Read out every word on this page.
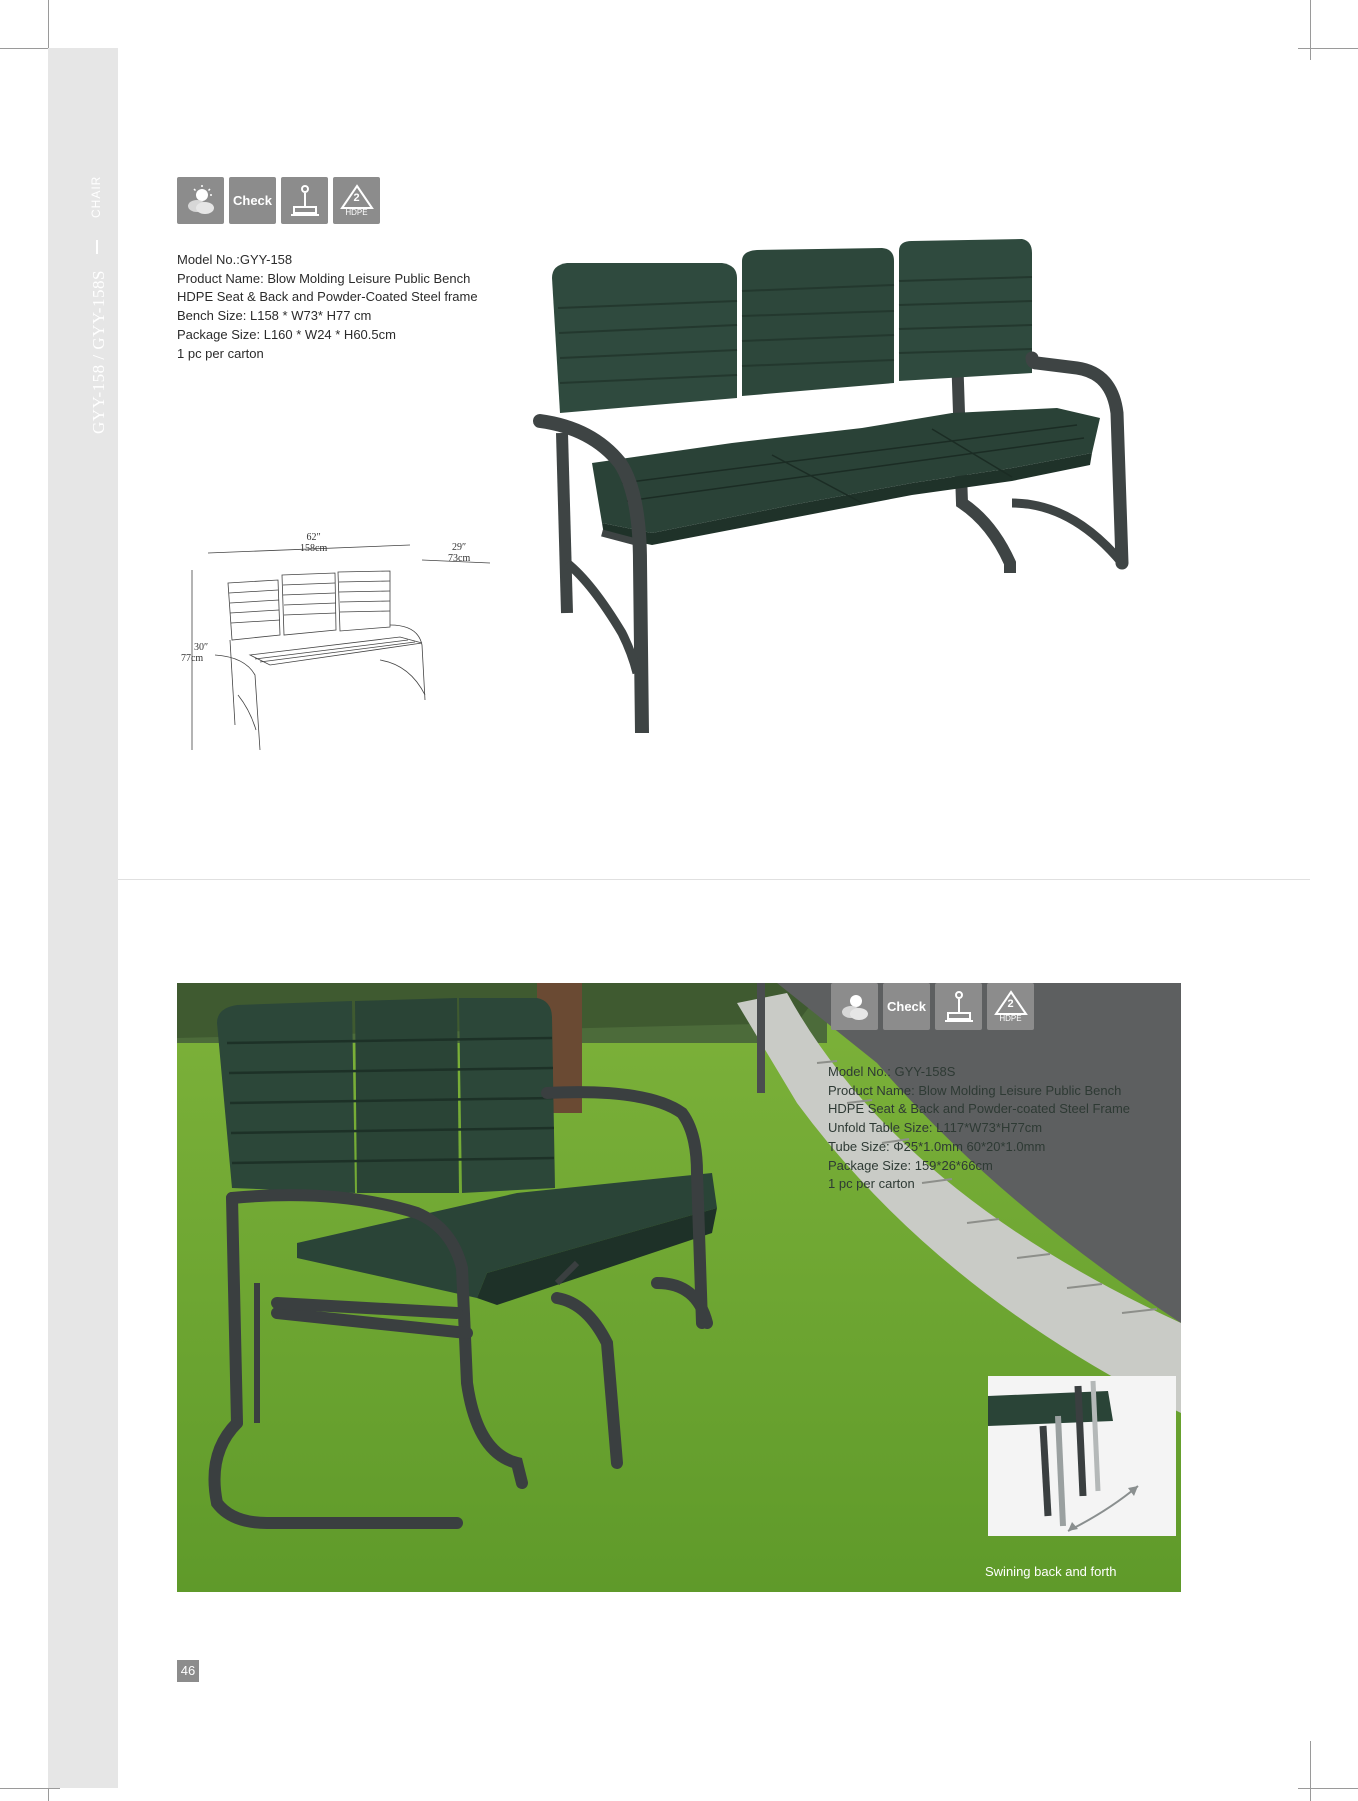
GYY-158 / GYY-158S
CHAIR	Check	2
HDPE
Model No.:GYY-158
Product Name: Blow Molding Leisure Public Bench
HDPE Seat & Back and Powder-Coated Steel frame
Bench Size: L158 * W73* H77 cm
Package Size: L160 * W24 * H60.5cm
1 pc per carton
62″
158cm	29″
73cm
30″
77cm
Check	2
HDPE
Model No.: GYY-158S
Product Name: Blow Molding Leisure Public Bench
HDPE Seat & Back and Powder-coated Steel Frame
Unfold Table Size: L117*W73*H77cm
Tube Size: Φ25*1.0mm 60*20*1.0mm
Package Size: 159*26*66cm
1 pc per carton
Swining back and forth
46
